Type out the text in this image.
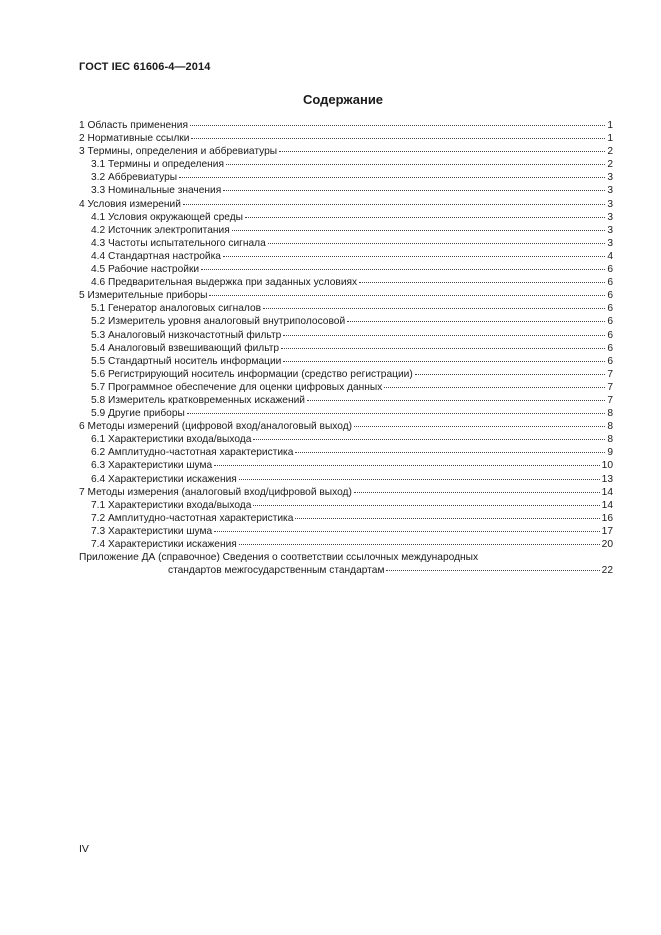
ГОСТ IEC 61606-4—2014
Содержание
1 Область применения	1
2 Нормативные ссылки	1
3 Термины, определения и аббревиатуры	2
3.1 Термины и определения	2
3.2 Аббревиатуры	3
3.3 Номинальные значения	3
4 Условия измерений	3
4.1 Условия окружающей среды	3
4.2 Источник электропитания	3
4.3 Частоты испытательного сигнала	3
4.4 Стандартная настройка	4
4.5 Рабочие настройки	6
4.6 Предварительная выдержка при заданных условиях	6
5 Измерительные приборы	6
5.1 Генератор аналоговых сигналов	6
5.2 Измеритель уровня аналоговый внутриполосовой	6
5.3 Аналоговый низкочастотный фильтр	6
5.4 Аналоговый взвешивающий фильтр	6
5.5 Стандартный носитель информации	6
5.6 Регистрирующий носитель информации (средство регистрации)	7
5.7 Программное обеспечение для оценки цифровых данных	7
5.8 Измеритель кратковременных искажений	7
5.9 Другие приборы	8
6 Методы измерений (цифровой вход/аналоговый выход)	8
6.1 Характеристики входа/выхода	8
6.2 Амплитудно-частотная характеристика	9
6.3 Характеристики шума	10
6.4 Характеристики искажения	13
7 Методы измерения (аналоговый вход/цифровой выход)	14
7.1 Характеристики входа/выхода	14
7.2 Амплитудно-частотная характеристика	16
7.3 Характеристики шума	17
7.4 Характеристики искажения	20
Приложение ДА (справочное) Сведения о соответствии ссылочных международных
стандартов межгосударственным стандартам	22
IV
